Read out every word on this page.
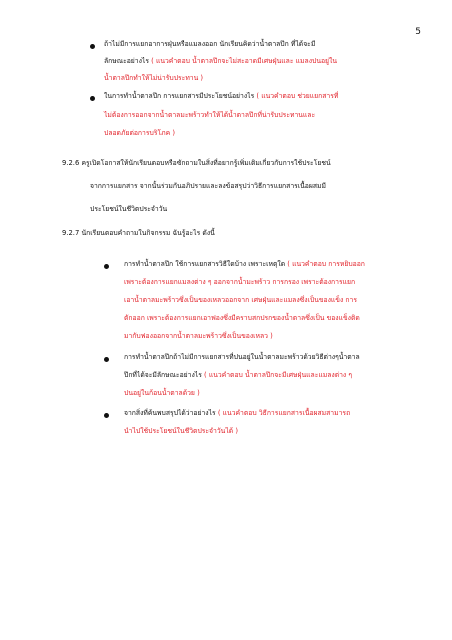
5
ถ้าไม่มีการแยกอาการฝุ่นหรือแมลงออก นักเรียนคิดว่าน้ำตาลปึก ที่ได้จะมี
ลักษณะอย่างไร ( แนวคำตอบ น้ำตาลปึกจะไม่สะอาดมีเศษฝุ่นและ แมลงปนอยู่ใน
น้ำตาลปึกทำให้ไม่น่ารับประทาน )
ในการทำน้ำตาลปึก การแยกสารมีประโยชน์อย่างไร ( แนวคำตอบ ช่วยแยกสารที่
ไม่ต้องการออกจากน้ำตาลมะพร้าวทำให้ได้น้ำตาลปึกที่น่ารับประทานและ
ปลอดภัยต่อการบริโภค )
9.2.6 ครูเปิดโอกาสให้นักเรียนตอบหรือซักถามในสิ่งที่อยากรู้เพิ่มเติมเกี่ยวกับการใช้ประโยชน์
จากการแยกสาร จากนั้นร่วมกันอภิปรายและลงข้อสรุปว่าวิธีการแยกสารเนื้อผสมมี
ประโยชน์ในชีวิตประจำวัน
9.2.7 นักเรียนตอบคำถามในกิจกรรม ฉันรู้อะไร ดังนี้
การทำน้ำตาลปึก ใช้การแยกสารวิธีใดบ้าง เพราะเหตุใด ( แนวคำตอบ การหยิบออก
เพราะต้องการแยกแมลงต่าง ๆ ออกจากน้ำมะพร้าว การกรอง เพราะต้องการแยก
เอาน้ำตาลมะพร้าวซึ่งเป็นของเหลวออกจาก เศษฝุ่นและแมลงซึ่งเป็นของแข็ง การ
ตักออก เพราะต้องการแยกเอาฟองซึ่งมีคราบสกปรกของน้ำตาลซึ่งเป็น ของแข็งติด
มากับฟองออกจากน้ำตาลมะพร้าวซึ่งเป็นของเหลว )
การทำน้ำตาลปึกถ้าไม่มีการแยกสารที่ปนอยู่ในน้ำตาลมะพร้าวด้วยวิธีต่างๆน้ำตาล
ปึกที่ได้จะมีลักษณะอย่างไร ( แนวคำตอบ น้ำตาลปึกจะมีเศษฝุ่นและแมลงต่าง ๆ
ปนอยู่ในก้อนน้ำตาลด้วย )
จากสิ่งที่ค้นพบสรุปได้ว่าอย่างไร ( แนวคำตอบ วิธีการแยกสารเนื้อผสมสามารถ
นำไปใช้ประโยชน์ในชีวิตประจำวันได้ )
